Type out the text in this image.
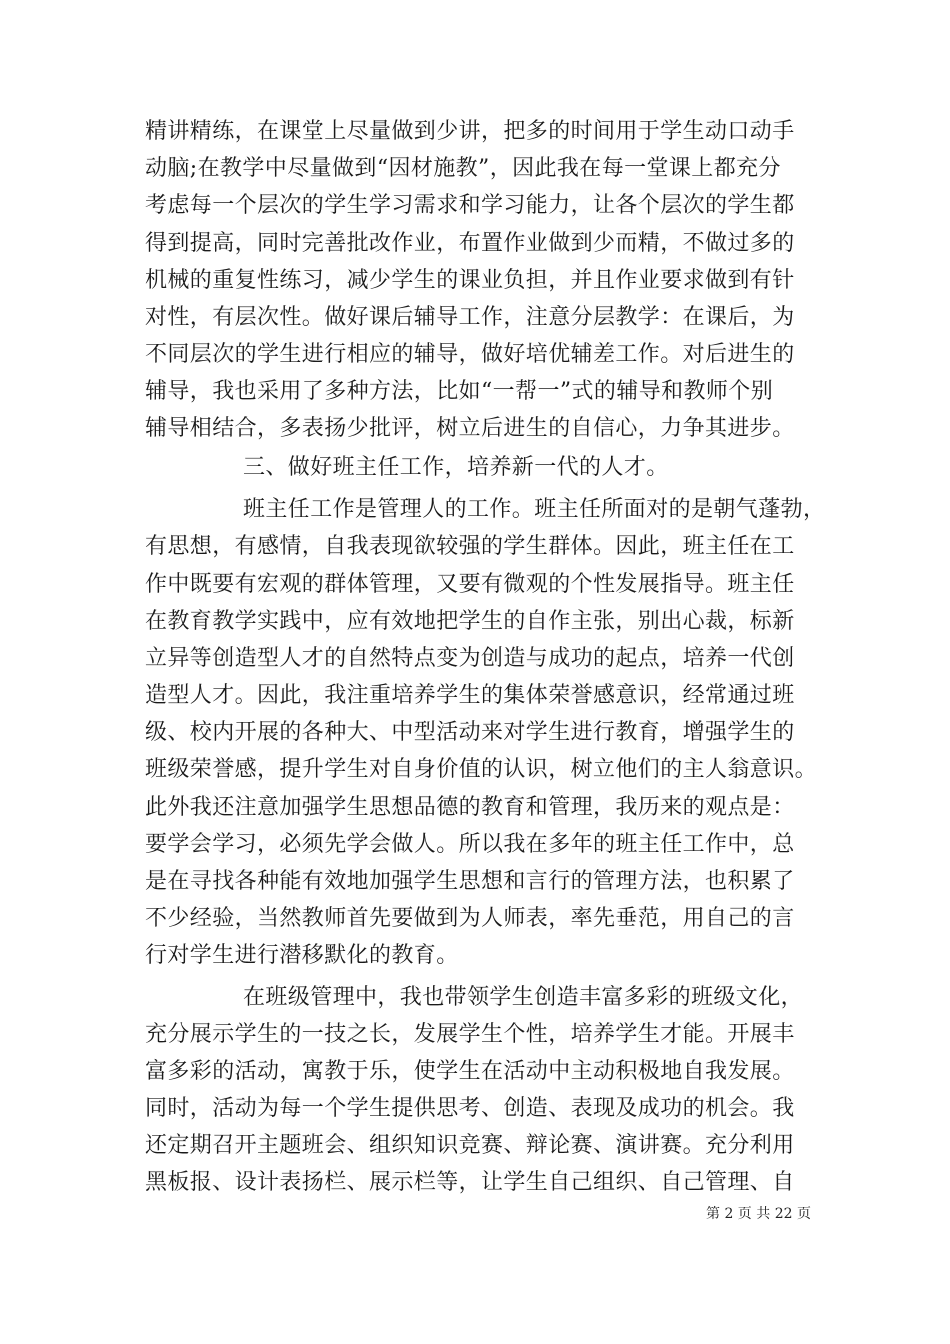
精讲精练，在课堂上尽量做到少讲，把多的时间用于学生动口动手
动脑;在教学中尽量做到“因材施教”，因此我在每一堂课上都充分
考虑每一个层次的学生学习需求和学习能力，让各个层次的学生都
得到提高，同时完善批改作业，布置作业做到少而精，不做过多的
机械的重复性练习，减少学生的课业负担，并且作业要求做到有针
对性，有层次性。做好课后辅导工作，注意分层教学：在课后，为
不同层次的学生进行相应的辅导，做好培优辅差工作。对后进生的
辅导，我也采用了多种方法，比如“一帮一”式的辅导和教师个别
辅导相结合，多表扬少批评，树立后进生的自信心，力争其进步。
三、做好班主任工作，培养新一代的人才。
班主任工作是管理人的工作。班主任所面对的是朝气蓬勃，
有思想，有感情，自我表现欲较强的学生群体。因此，班主任在工
作中既要有宏观的群体管理，又要有微观的个性发展指导。班主任
在教育教学实践中，应有效地把学生的自作主张，别出心裁，标新
立异等创造型人才的自然特点变为创造与成功的起点，培养一代创
造型人才。因此，我注重培养学生的集体荣誉感意识，经常通过班
级、校内开展的各种大、中型活动来对学生进行教育，增强学生的
班级荣誉感，提升学生对自身价值的认识，树立他们的主人翁意识。
此外我还注意加强学生思想品德的教育和管理，我历来的观点是：
要学会学习，必须先学会做人。所以我在多年的班主任工作中，总
是在寻找各种能有效地加强学生思想和言行的管理方法，也积累了
不少经验，当然教师首先要做到为人师表，率先垂范，用自己的言
行对学生进行潜移默化的教育。
在班级管理中，我也带领学生创造丰富多彩的班级文化，
充分展示学生的一技之长，发展学生个性，培养学生才能。开展丰
富多彩的活动，寓教于乐，使学生在活动中主动积极地自我发展。
同时，活动为每一个学生提供思考、创造、表现及成功的机会。我
还定期召开主题班会、组织知识竞赛、辩论赛、演讲赛。充分利用
黑板报、设计表扬栏、展示栏等，让学生自己组织、自己管理、自
第 2 页 共 22 页
